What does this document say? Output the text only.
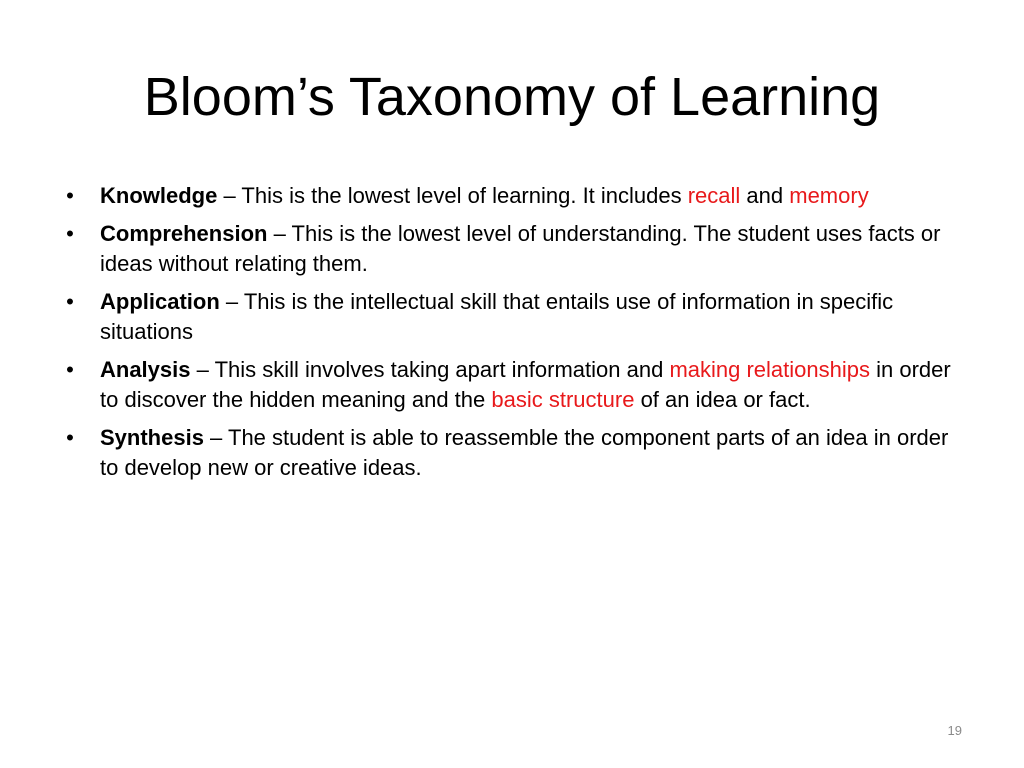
Bloom’s Taxonomy of Learning
• Knowledge – This is the lowest level of learning. It includes recall and memory
• Comprehension – This is the lowest level of understanding. The student uses facts or ideas without relating them.
• Application – This is the intellectual skill that entails use of information in specific situations
• Analysis – This skill involves taking apart information and making relationships in order to discover the hidden meaning and the basic structure of an idea or fact.
• Synthesis – The student is able to reassemble the component parts of an idea in order to develop new or creative ideas.
19
